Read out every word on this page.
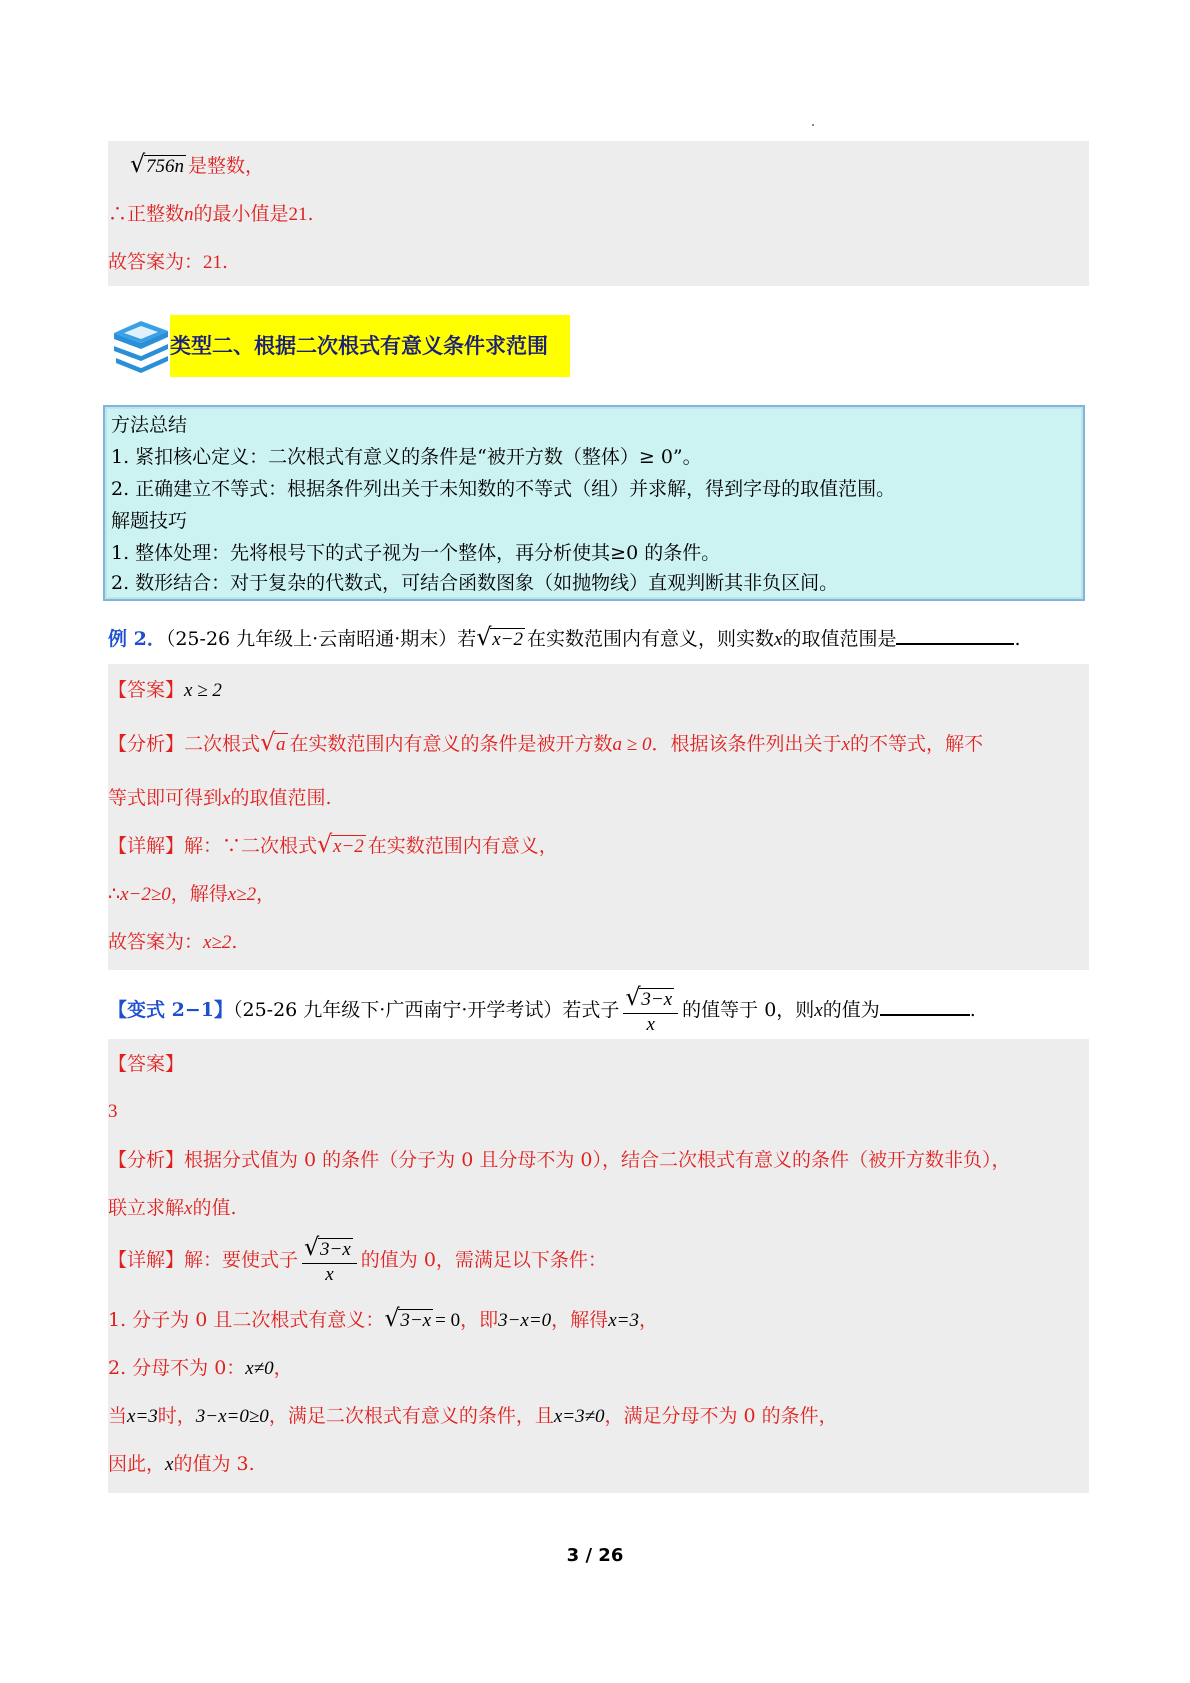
√ 756n 是整数，
∴正整数n的最小值是21.
故答案为：21.
类型二、根据二次根式有意义条件求范围
方法总结
1. 紧扣核心定义：二次根式有意义的条件是“被开方数（整体）≥ 0”。
2. 正确建立不等式：根据条件列出关于未知数的不等式（组）并求解，得到字母的取值范围。
解题技巧
1. 整体处理：先将根号下的式子视为一个整体，再分析使其≥0 的条件。
2. 数形结合：对于复杂的代数式，可结合函数图象（如抛物线）直观判断其非负区间。
例 2．（25-26 九年级上·云南昭通·期末）若 √ x−2 在实数范围内有意义，则实数x的取值范围是	.
【答案】x ≥ 2
【分析】二次根式 √ a 在实数范围内有意义的条件是被开方数a ≥ 0．根据该条件列出关于x的不等式，解不
等式即可得到x的取值范围.
【详解】解：∵二次根式 √ x−2 在实数范围内有意义，
∴x−2≥0，解得x≥2，
故答案为：x≥2.
【变式 2−1】（25-26 九年级下·广西南宁·开学考试）若式子 √ $\frac{3-x}{x}$ 的值等于 0，则x的值为	.
【答案】
3
【分析】根据分式值为 0 的条件（分子为 0 且分母不为 0），结合二次根式有意义的条件（被开方数非负），
联立求解x的值.
【详解】解：要使式子 √ $\frac{3-x}{x}$ 的值为 0，需满足以下条件：
1. 分子为 0 且二次根式有意义： √ 3−x = 0，即3−x=0，解得x=3，
2. 分母不为 0：x≠0，
当x=3时，3−x=0≥0，满足二次根式有意义的条件，且x=3≠0，满足分母不为 0 的条件，
因此，x的值为 3.
3 / 26
